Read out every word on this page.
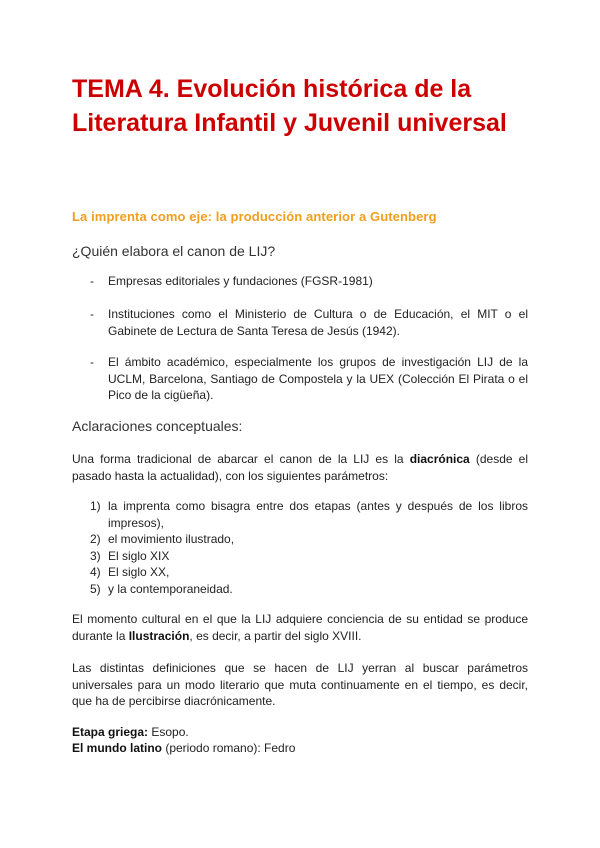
TEMA 4. Evolución histórica de la Literatura Infantil y Juvenil universal
La imprenta como eje: la producción anterior a Gutenberg
¿Quién elabora el canon de LIJ?
- Empresas editoriales y fundaciones (FGSR-1981)
- Instituciones como el Ministerio de Cultura o de Educación, el MIT o el Gabinete de Lectura de Santa Teresa de Jesús (1942).
- El ámbito académico, especialmente los grupos de investigación LIJ de la UCLM, Barcelona, Santiago de Compostela y la UEX (Colección El Pirata o el Pico de la cigüeña).
Aclaraciones conceptuales:

Una forma tradicional de abarcar el canon de la LIJ es la diacrónica (desde el pasado hasta la actualidad), con los siguientes parámetros:

1) la imprenta como bisagra entre dos etapas (antes y después de los libros impresos),
2) el movimiento ilustrado,
3) El siglo XIX
4) El siglo XX,
5) y la contemporaneidad.

El momento cultural en el que la LIJ adquiere conciencia de su entidad se produce durante la Ilustración, es decir, a partir del siglo XVIII.

Las distintas definiciones que se hacen de LIJ yerran al buscar parámetros universales para un modo literario que muta continuamente en el tiempo, es decir, que ha de percibirse diacrónicamente.

Etapa griega: Esopo.
El mundo latino (periodo romano): Fedro
